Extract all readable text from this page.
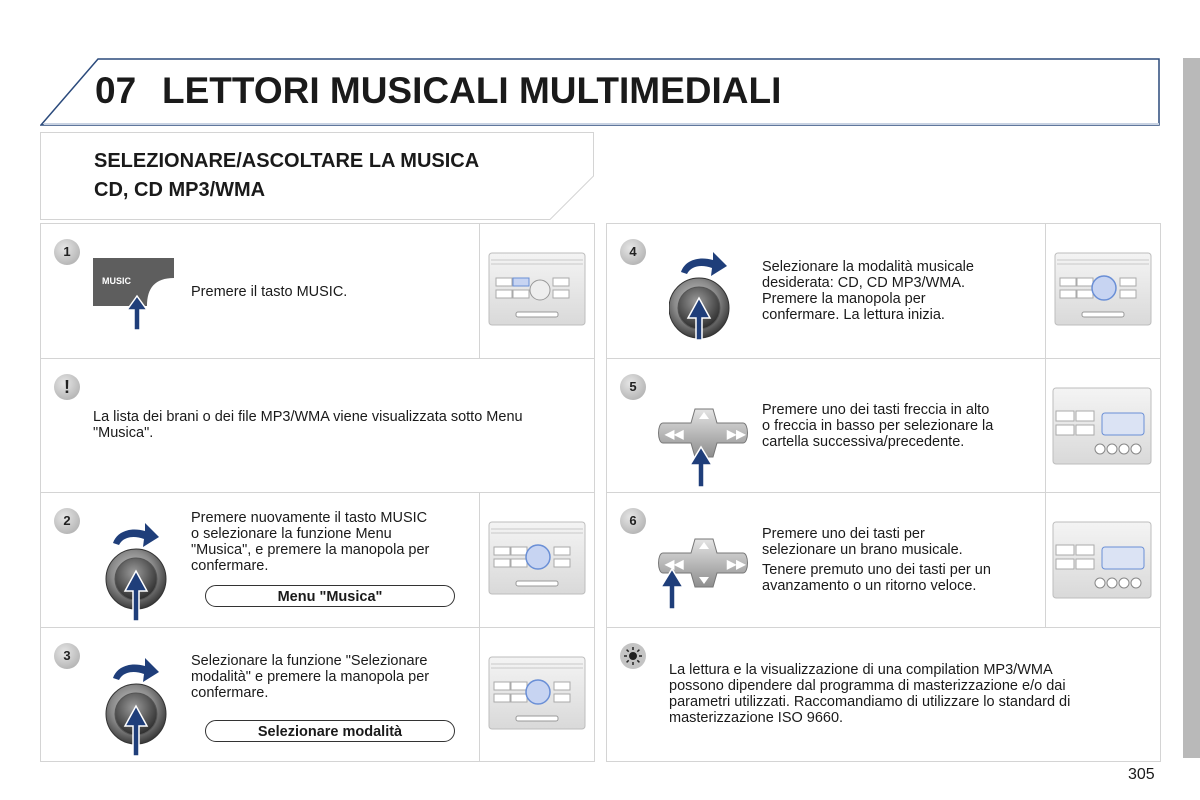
07 LETTORI MUSICALI MULTIMEDIALI
SELEZIONARE/ASCOLTARE LA MUSICA
CD, CD MP3/WMA
1
MUSIC
Premere il tasto MUSIC.
!
La lista dei brani o dei file MP3/WMA viene visualizzata sotto Menu
"Musica".
2	Premere nuovamente il tasto MUSIC
o selezionare la funzione Menu
"Musica", e premere la manopola per
confermare.
Menu "Musica"
3	Selezionare la funzione "Selezionare
modalità" e premere la manopola per
confermare.
Selezionare modalità
4
Selezionare la modalità musicale
desiderata: CD, CD MP3/WMA.
Premere la manopola per
confermare. La lettura inizia.
5
◀◀	▶▶
Premere uno dei tasti freccia in alto
o freccia in basso per selezionare la
cartella successiva/precedente.
6
◀◀	▶▶
Premere uno dei tasti per
selezionare un brano musicale.
Tenere premuto uno dei tasti per un
avanzamento o un ritorno veloce.
La lettura e la visualizzazione di una compilation MP3/WMA
possono dipendere dal programma di masterizzazione e/o dai
parametri utilizzati. Raccomandiamo di utilizzare lo standard di
masterizzazione ISO 9660.
305
